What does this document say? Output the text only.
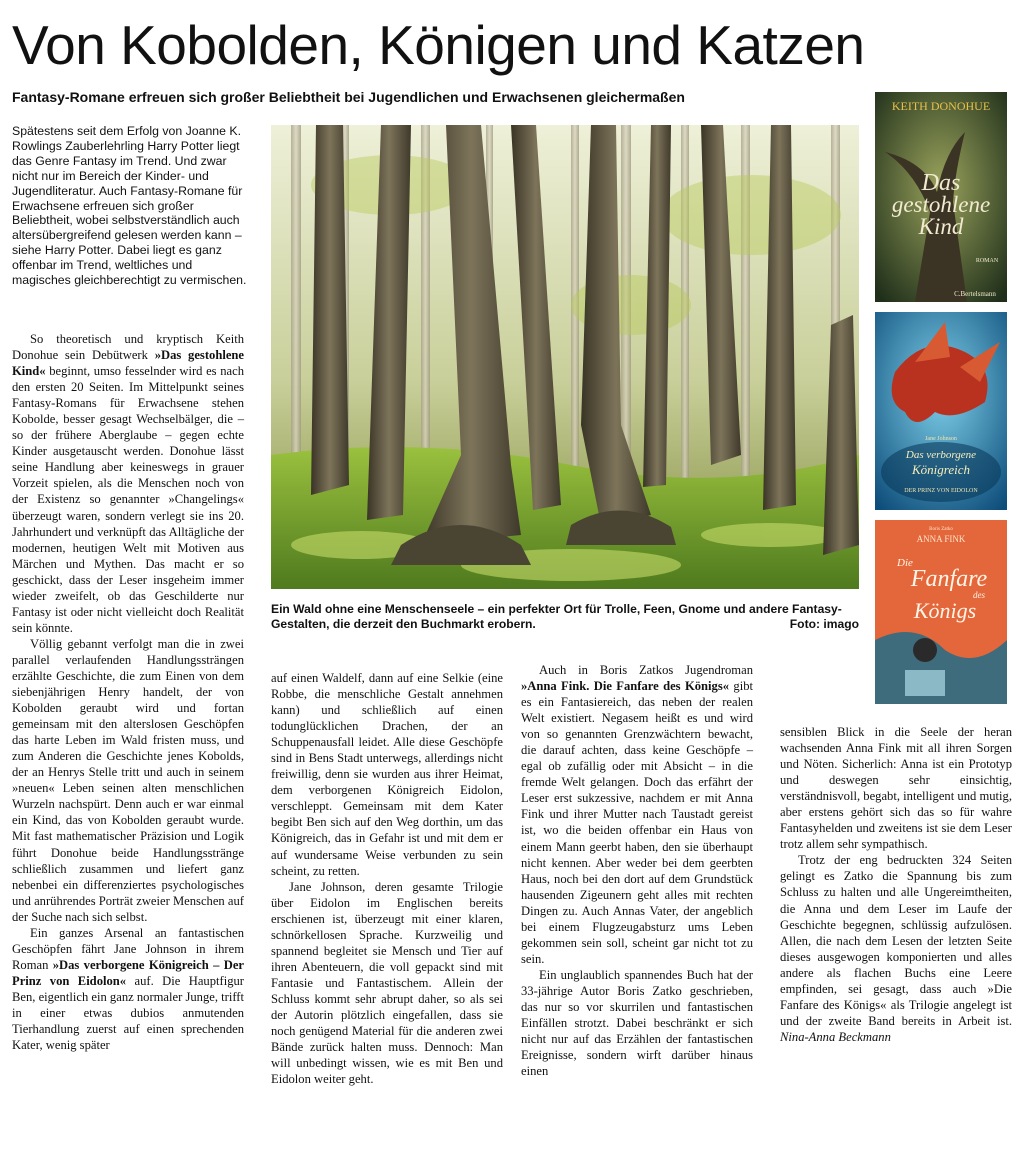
Von Kobolden, Königen und Katzen
Fantasy-Romane erfreuen sich großer Beliebtheit bei Jugendlichen und Erwachsenen gleichermaßen

Spätestens seit dem Erfolg von Joanne K. Rowlings Zauberlehrling Harry Potter liegt das Genre Fantasy im Trend. Und zwar nicht nur im Bereich der Kinder- und Jugendliteratur. Auch Fantasy-Romane für Erwachsene erfreuen sich großer Beliebtheit, wobei selbstverständlich auch altersübergreifend gelesen werden kann – siehe Harry Potter. Dabei liegt es ganz offenbar im Trend, weltliches und magisches gleichberechtigt zu vermischen.

Ein Wald ohne eine Menschenseele – ein perfekter Ort für Trolle, Feen, Gnome und andere Fantasy-Gestalten, die derzeit den Buchmarkt erobern.	Foto: imago

So theoretisch und kryptisch Keith Donohue sein Debütwerk »Das gestohlene Kind« beginnt, umso fesselnder wird es nach den ersten 20 Seiten. Im Mittelpunkt seines Fantasy-Romans für Erwachsene stehen Kobolde, besser gesagt Wechselbälger, die – so der frühere Aberglaube – gegen echte Kinder ausgetauscht werden. Donohue lässt seine Handlung aber keineswegs in grauer Vorzeit spielen, als die Menschen noch von der Existenz so genannter »Changelings« überzeugt waren, sondern verlegt sie ins 20. Jahrhundert und verknüpft das Alltägliche der modernen, heutigen Welt mit Motiven aus Märchen und Mythen. Das macht er so geschickt, dass der Leser insgeheim immer wieder zweifelt, ob das Geschilderte nur Fantasy ist oder nicht vielleicht doch Realität sein könnte.

Völlig gebannt verfolgt man die in zwei parallel verlaufenden Handlungssträngen erzählte Geschichte, die zum Einen von dem siebenjährigen Henry handelt, der von Kobolden geraubt wird und fortan gemeinsam mit den alterslosen Geschöpfen das harte Leben im Wald fristen muss, und zum Anderen die Geschichte jenes Kobolds, der an Henrys Stelle tritt und auch in seinem »neuen« Leben seinen alten menschlichen Wurzeln nachspürt. Denn auch er war einmal ein Kind, das von Kobolden geraubt wurde. Mit fast mathematischer Präzision und Logik führt Donohue beide Handlungsstränge schließlich zusammen und liefert ganz nebenbei ein differenziertes psychologisches und anrührendes Porträt zweier Menschen auf der Suche nach sich selbst.

Ein ganzes Arsenal an fantastischen Geschöpfen fährt Jane Johnson in ihrem Roman »Das verborgene Königreich – Der Prinz von Eidolon« auf. Die Hauptfigur Ben, eigentlich ein ganz normaler Junge, trifft in einer etwas dubios anmutenden Tierhandlung zuerst auf einen sprechenden Kater, wenig später

auf einen Waldelf, dann auf eine Selkie (eine Robbe, die menschliche Gestalt annehmen kann) und schließlich auf einen todunglücklichen Drachen, der an Schuppenausfall leidet. Alle diese Geschöpfe sind in Bens Stadt unterwegs, allerdings nicht freiwillig, denn sie wurden aus ihrer Heimat, dem verborgenen Königreich Eidolon, verschleppt. Gemeinsam mit dem Kater begibt Ben sich auf den Weg dorthin, um das Königreich, das in Gefahr ist und mit dem er auf wundersame Weise verbunden zu sein scheint, zu retten.

Jane Johnson, deren gesamte Trilogie über Eidolon im Englischen bereits erschienen ist, überzeugt mit einer klaren, schnörkellosen Sprache. Kurzweilig und spannend begleitet sie Mensch und Tier auf ihren Abenteuern, die voll gepackt sind mit Fantasie und Fantastischem. Allein der Schluss kommt sehr abrupt daher, so als sei der Autorin plötzlich eingefallen, dass sie noch genügend Material für die anderen zwei Bände zurück halten muss. Dennoch: Man will unbedingt wissen, wie es mit Ben und Eidolon weiter geht.

Auch in Boris Zatkos Jugendroman »Anna Fink. Die Fanfare des Königs« gibt es ein Fantasiereich, das neben der realen Welt existiert. Negasem heißt es und wird von so genannten Grenzwächtern bewacht, die darauf achten, dass keine Geschöpfe – egal ob zufällig oder mit Absicht – in die fremde Welt gelangen. Doch das erfährt der Leser erst sukzessive, nachdem er mit Anna Fink und ihrer Mutter nach Taustadt gereist ist, wo die beiden offenbar ein Haus von einem Mann geerbt haben, den sie überhaupt nicht kennen. Aber weder bei dem geerbten Haus, noch bei den dort auf dem Grundstück hausenden Zigeunern geht alles mit rechten Dingen zu. Auch Annas Vater, der angeblich bei einem Flugzeugabsturz ums Leben gekommen sein soll, scheint gar nicht tot zu sein.

Ein unglaublich spannendes Buch hat der 33-jährige Autor Boris Zatko geschrieben, das nur so vor skurrilen und fantastischen Einfällen strotzt. Dabei beschränkt er sich nicht nur auf das Erzählen der fantastischen Ereignisse, sondern wirft darüber hinaus einen

sensiblen Blick in die Seele der heran wachsenden Anna Fink mit all ihren Sorgen und Nöten. Sicherlich: Anna ist ein Prototyp und deswegen sehr einsichtig, verständnisvoll, begabt, intelligent und mutig, aber erstens gehört sich das so für wahre Fantasyhelden und zweitens ist sie dem Leser trotz allem sehr sympathisch.

Trotz der eng bedruckten 324 Seiten gelingt es Zatko die Spannung bis zum Schluss zu halten und alle Ungereimtheiten, die Anna und dem Leser im Laufe der Geschichte begegnen, schlüssig aufzulösen. Allen, die nach dem Lesen der letzten Seite dieses ausgewogen komponierten und alles andere als flachen Buchs eine Leere empfinden, sei gesagt, dass auch »Die Fanfare des Königs« als Trilogie angelegt ist und der zweite Band bereits in Arbeit ist. Nina-Anna Beckmann

KEITH DONOHUE
Das
gestohlene
Kind
ROMAN
C.Bertelsmann
Jane Johnson
Das verborgene
Königreich
DER PRINZ VON EIDOLON
Boris Zatko
ANNA FINK
Die
Fanfare
des
Königs
